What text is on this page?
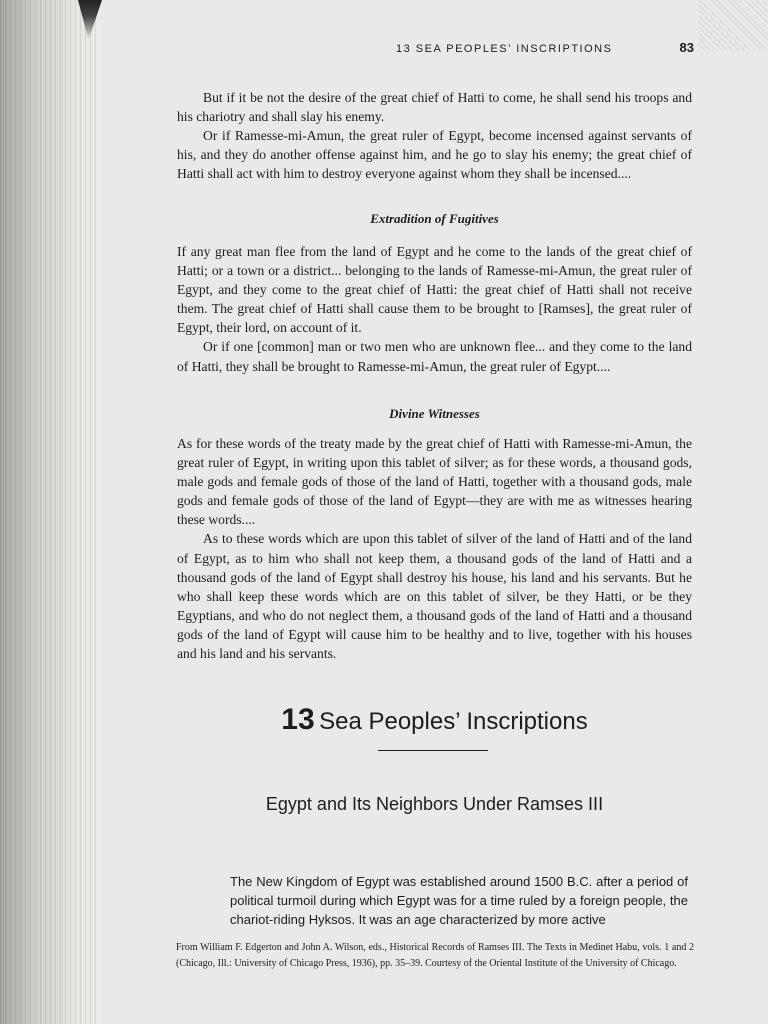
13 SEA PEOPLES’ INSCRIPTIONS	83

But if it be not the desire of the great chief of Hatti to come, he shall send his troops and his chariotry and shall slay his enemy.

Or if Ramesse-mi-Amun, the great ruler of Egypt, become incensed against servants of his, and they do another offense against him, and he go to slay his enemy; the great chief of Hatti shall act with him to destroy everyone against whom they shall be incensed....

Extradition of Fugitives

If any great man flee from the land of Egypt and he come to the lands of the great chief of Hatti; or a town or a district... belonging to the lands of Ramesse-mi-Amun, the great ruler of Egypt, and they come to the great chief of Hatti: the great chief of Hatti shall not receive them. The great chief of Hatti shall cause them to be brought to [Ramses], the great ruler of Egypt, their lord, on account of it.

Or if one [common] man or two men who are unknown flee... and they come to the land of Hatti, they shall be brought to Ramesse-mi-Amun, the great ruler of Egypt....

Divine Witnesses

As for these words of the treaty made by the great chief of Hatti with Ramesse-mi-Amun, the great ruler of Egypt, in writing upon this tablet of silver; as for these words, a thousand gods, male gods and female gods of those of the land of Hatti, together with a thousand gods, male gods and female gods of those of the land of Egypt—they are with me as witnesses hearing these words....

As to these words which are upon this tablet of silver of the land of Hatti and of the land of Egypt, as to him who shall not keep them, a thousand gods of the land of Hatti and a thousand gods of the land of Egypt shall destroy his house, his land and his servants. But he who shall keep these words which are on this tablet of silver, be they Hatti, or be they Egyptians, and who do not neglect them, a thousand gods of the land of Hatti and a thousand gods of the land of Egypt will cause him to be healthy and to live, together with his houses and his land and his servants.

13 Sea Peoples’ Inscriptions
Egypt and Its Neighbors Under Ramses III

The New Kingdom of Egypt was established around 1500 B.C. after a period of political turmoil during which Egypt was for a time ruled by a foreign people, the chariot-riding Hyksos. It was an age characterized by more active

From William F. Edgerton and John A. Wilson, eds., Historical Records of Ramses III. The Texts in Medinet Habu, vols. 1 and 2 (Chicago, Ill.: University of Chicago Press, 1936), pp. 35–39. Courtesy of the Oriental Institute of the University of Chicago.
